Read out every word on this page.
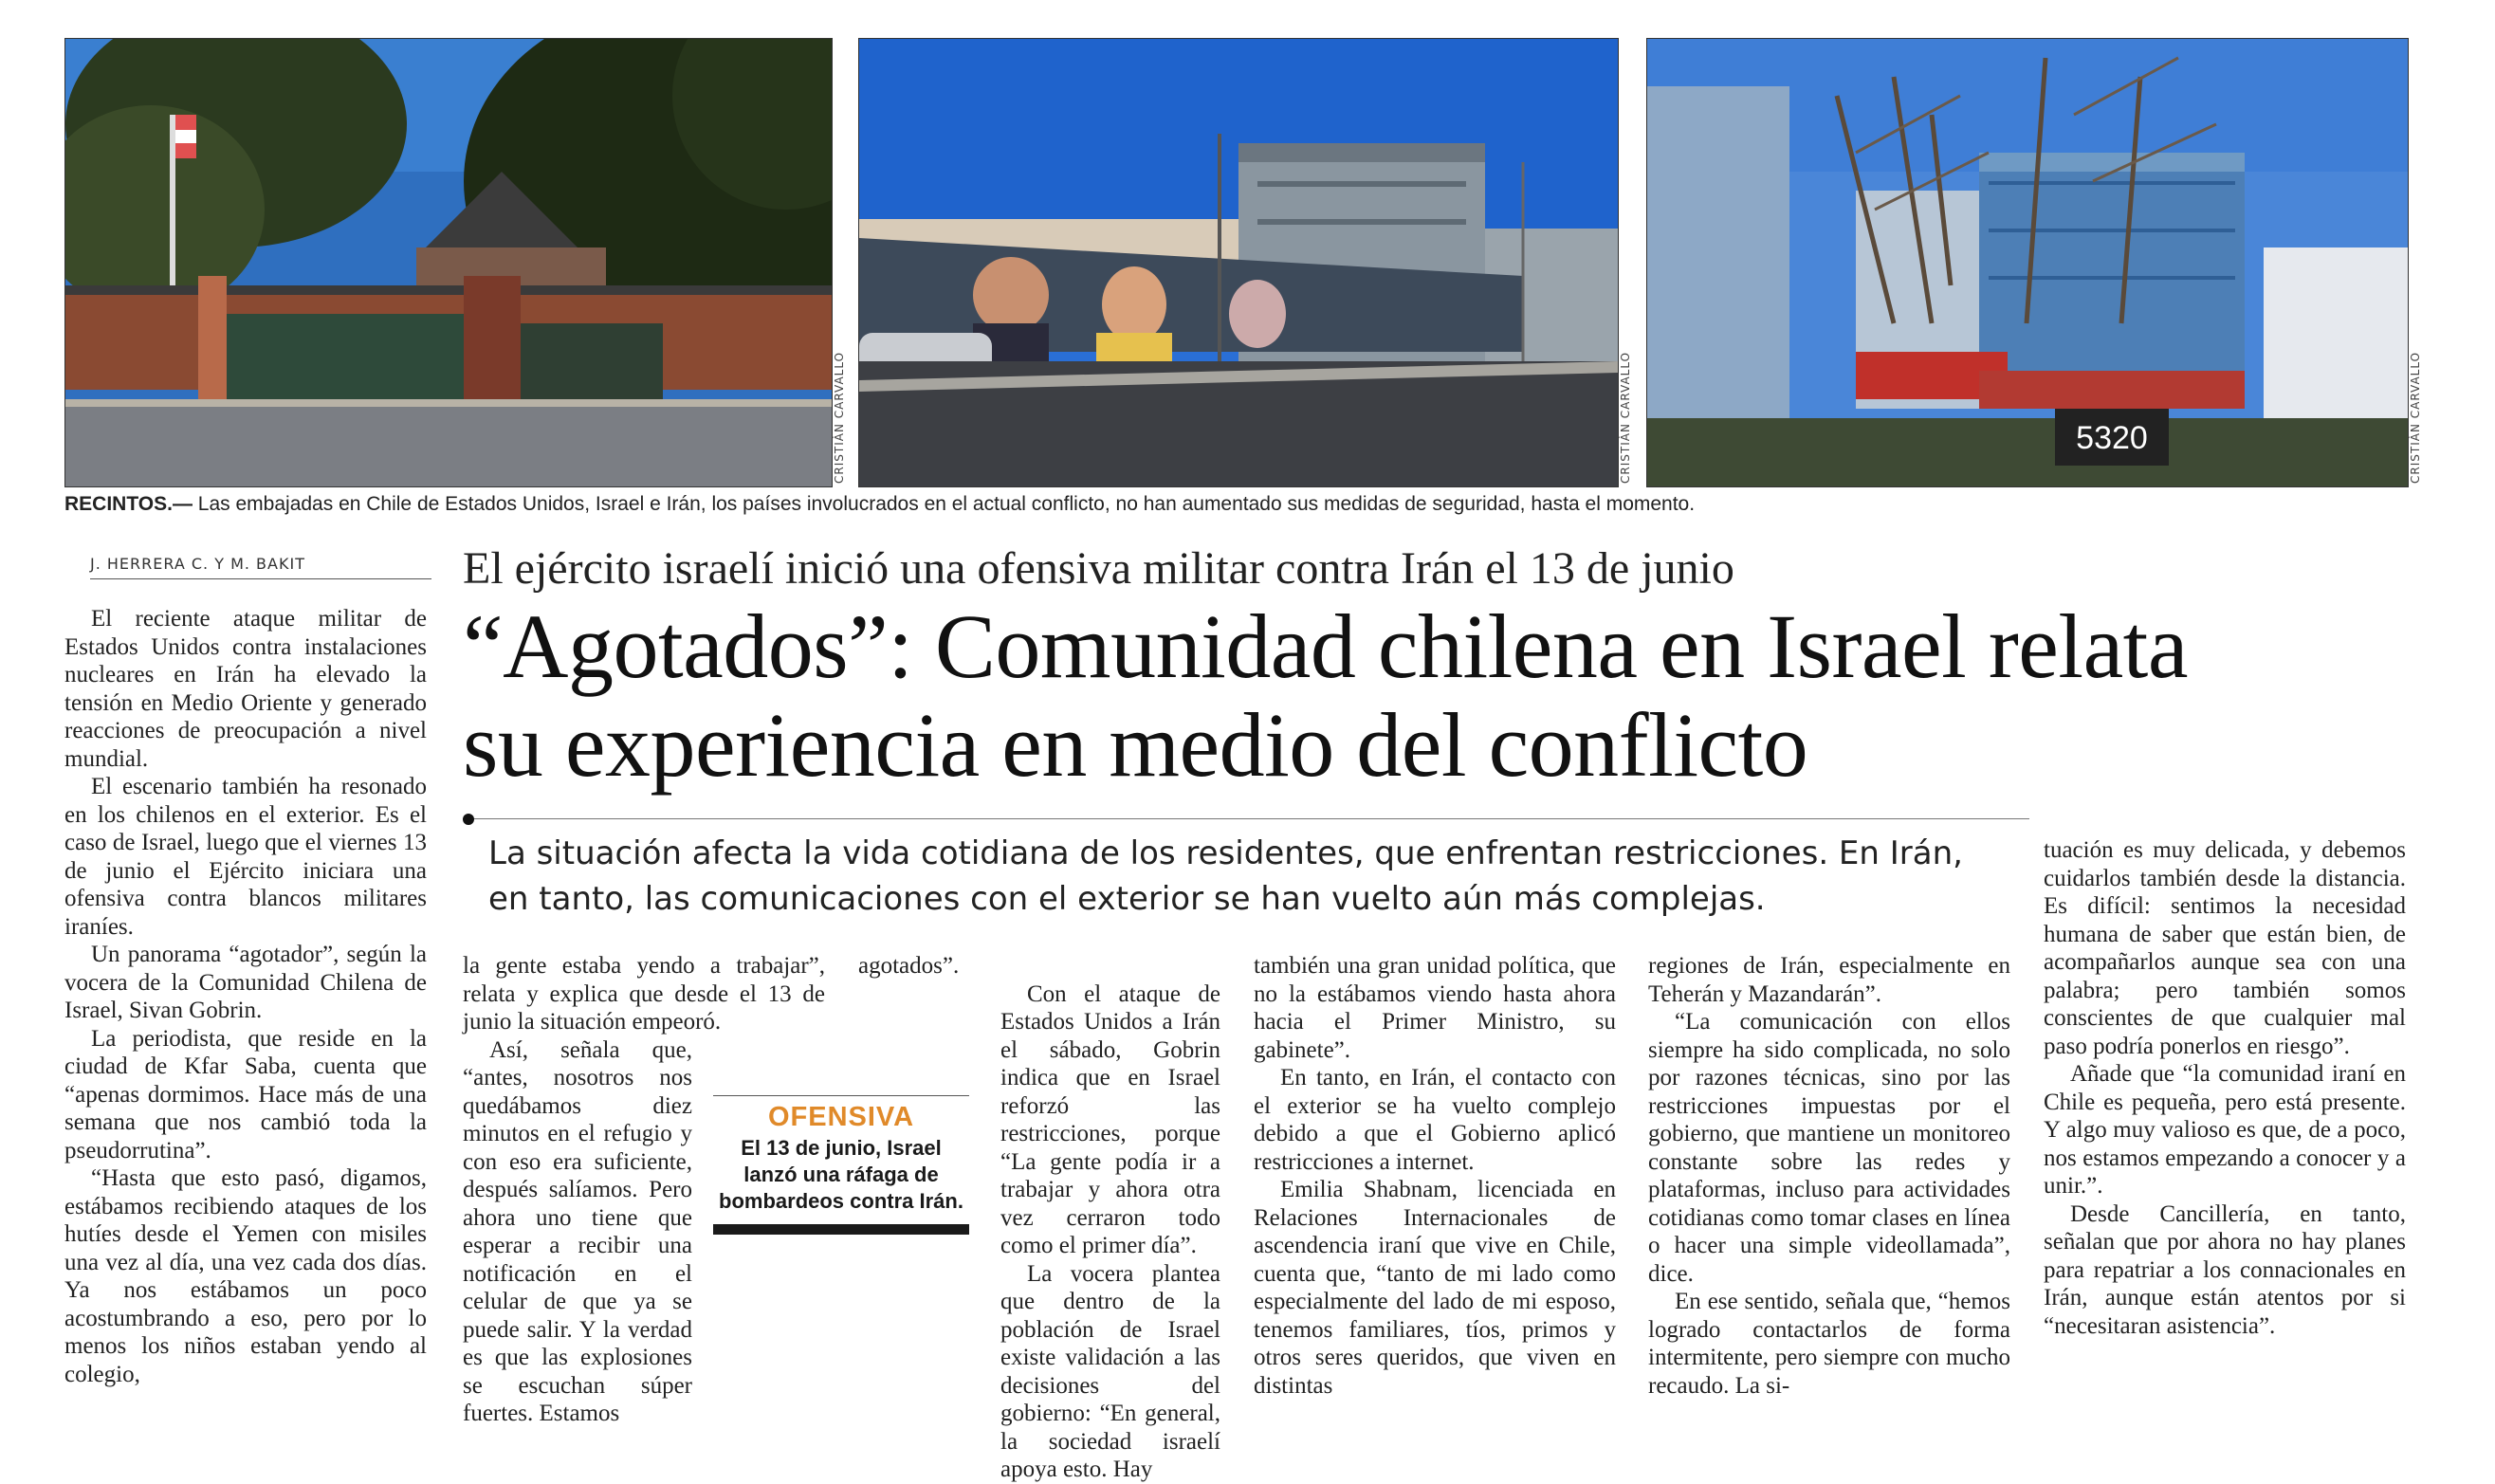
CRISTIÁN CARVALLO	CRISTIÁN CARVALLO	5320	CRISTIÁN CARVALLO
RECINTOS.— Las embajadas en Chile de Estados Unidos, Israel e Irán, los países involucrados en el actual conflicto, no han aumentado sus medidas de seguridad, hasta el momento.
J. HERRERA C. Y M. BAKIT	El ejército israelí inició una ofensiva militar contra Irán el 13 de junio
“Agotados”: Comunidad chilena en Israel relata
su experiencia en medio del conflicto

La situación afecta la vida cotidiana de los residentes, que enfrentan restricciones. En Irán, en tanto, las comunicaciones con el exterior se han vuelto aún más complejas.

El reciente ataque militar de Estados Unidos contra instalaciones nucleares en Irán ha elevado la tensión en Medio Oriente y generado reacciones de preocupación a nivel mundial.

El escenario también ha resonado en los chilenos en el exterior. Es el caso de Israel, luego que el viernes 13 de junio el Ejército iniciara una ofensiva contra blancos militares iraníes.

Un panorama “agotador”, según la vocera de la Comunidad Chilena de Israel, Sivan Gobrin.

La periodista, que reside en la ciudad de Kfar Saba, cuenta que “apenas dormimos. Hace más de una semana que nos cambió toda la pseudorrutina”.

“Hasta que esto pasó, digamos, estábamos recibiendo ataques de los hutíes desde el Yemen con misiles una vez al día, una vez cada dos días. Ya nos estábamos un poco acostumbrando a eso, pero por lo menos los niños estaban yendo al colegio,

la gente estaba yendo a trabajar”, relata y explica que desde el 13 de junio la situación empeoró.

Así, señala que, “antes, nosotros nos quedábamos diez minutos en el refugio y con eso era suficiente, después salíamos. Pero ahora uno tiene que esperar a recibir una notificación en el celular de que ya se puede salir. Y la verdad es que las explosiones se escuchan súper fuertes. Estamos

agotados”.

Con el ataque de Estados Unidos a Irán el sábado, Gobrin indica que en Israel reforzó las restricciones, porque “La gente podía ir a trabajar y ahora otra vez cerraron todo como el primer día”.

La vocera plantea que dentro de la población de Israel existe validación a las decisiones del gobierno: “En general, la sociedad israelí apoya esto. Hay

OFENSIVA
El 13 de junio, Israel lanzó una ráfaga de bombardeos contra Irán.

también una gran unidad política, que no la estábamos viendo hasta ahora hacia el Primer Ministro, su gabinete”.

En tanto, en Irán, el contacto con el exterior se ha vuelto complejo debido a que el Gobierno aplicó restricciones a internet.

Emilia Shabnam, licenciada en Relaciones Internacionales de ascendencia iraní que vive en Chile, cuenta que, “tanto de mi lado como especialmente del lado de mi esposo, tenemos familiares, tíos, primos y otros seres queridos, que viven en distintas

regiones de Irán, especialmente en Teherán y Mazandarán”.

“La comunicación con ellos siempre ha sido complicada, no solo por razones técnicas, sino por las restricciones impuestas por el gobierno, que mantiene un monitoreo constante sobre las redes y plataformas, incluso para actividades cotidianas como tomar clases en línea o hacer una simple videollamada”, dice.

En ese sentido, señala que, “hemos logrado contactarlos de forma intermitente, pero siempre con mucho recaudo. La si-

tuación es muy delicada, y debemos cuidarlos también desde la distancia. Es difícil: sentimos la necesidad humana de saber que están bien, de acompañarlos aunque sea con una palabra; pero también somos conscientes de que cualquier mal paso podría ponerlos en riesgo”.

Añade que “la comunidad iraní en Chile es pequeña, pero está presente. Y algo muy valioso es que, de a poco, nos estamos empezando a conocer y a unir.”.

Desde Cancillería, en tanto, señalan que por ahora no hay planes para repatriar a los connacionales en Irán, aunque están atentos por si “necesitaran asistencia”.
